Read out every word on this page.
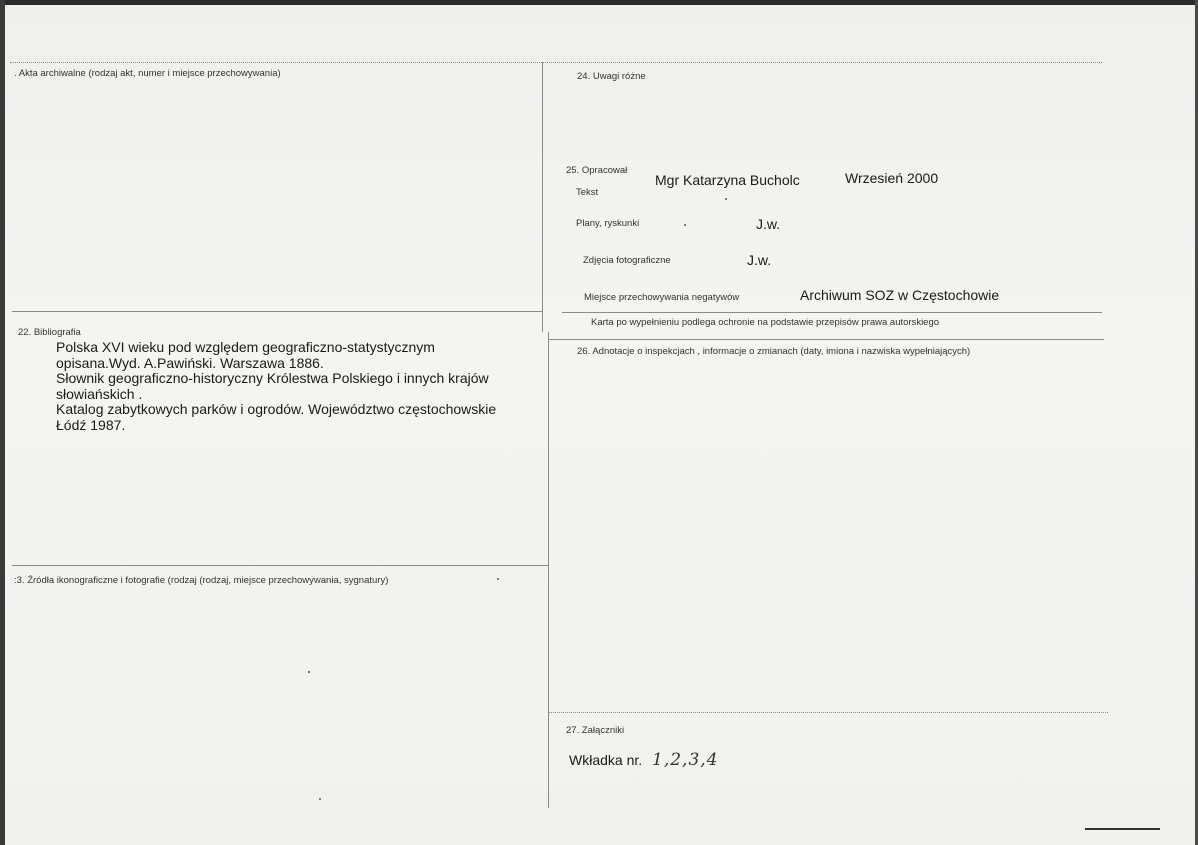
. Akta archiwalne (rodzaj akt, numer i miejsce przechowywania)
22. Bibliografia
Polska XVI wieku pod względem geograficzno-statystycznym
opisana.Wyd. A.Pawiński. Warszawa 1886.
Słownik geograficzno-historyczny Królestwa Polskiego i innych krajów
słowiańskich .
Katalog zabytkowych parków i ogrodów. Województwo częstochowskie
Łódź 1987.
:3. Źródła ikonograficzne i fotografie (rodzaj (rodzaj, miejsce przechowywania, sygnatury)
24. Uwagi różne
25. Opracował
Tekst
Mgr Katarzyna Bucholc	Wrzesień 2000
Plany, ryskunki	J.w.
Zdjęcia fotograficzne	J.w.
Miejsce przechowywania negatywów	Archiwum SOZ w Częstochowie
Karta po wypełnieniu podlega ochronie na podstawie przepisów prawa autorskiego
26. Adnotacje o inspekcjach , informacje o zmianach (daty, imiona i nazwiska wypełniających)
27. Załączniki
Wkładka nr. 1,2,3,4
